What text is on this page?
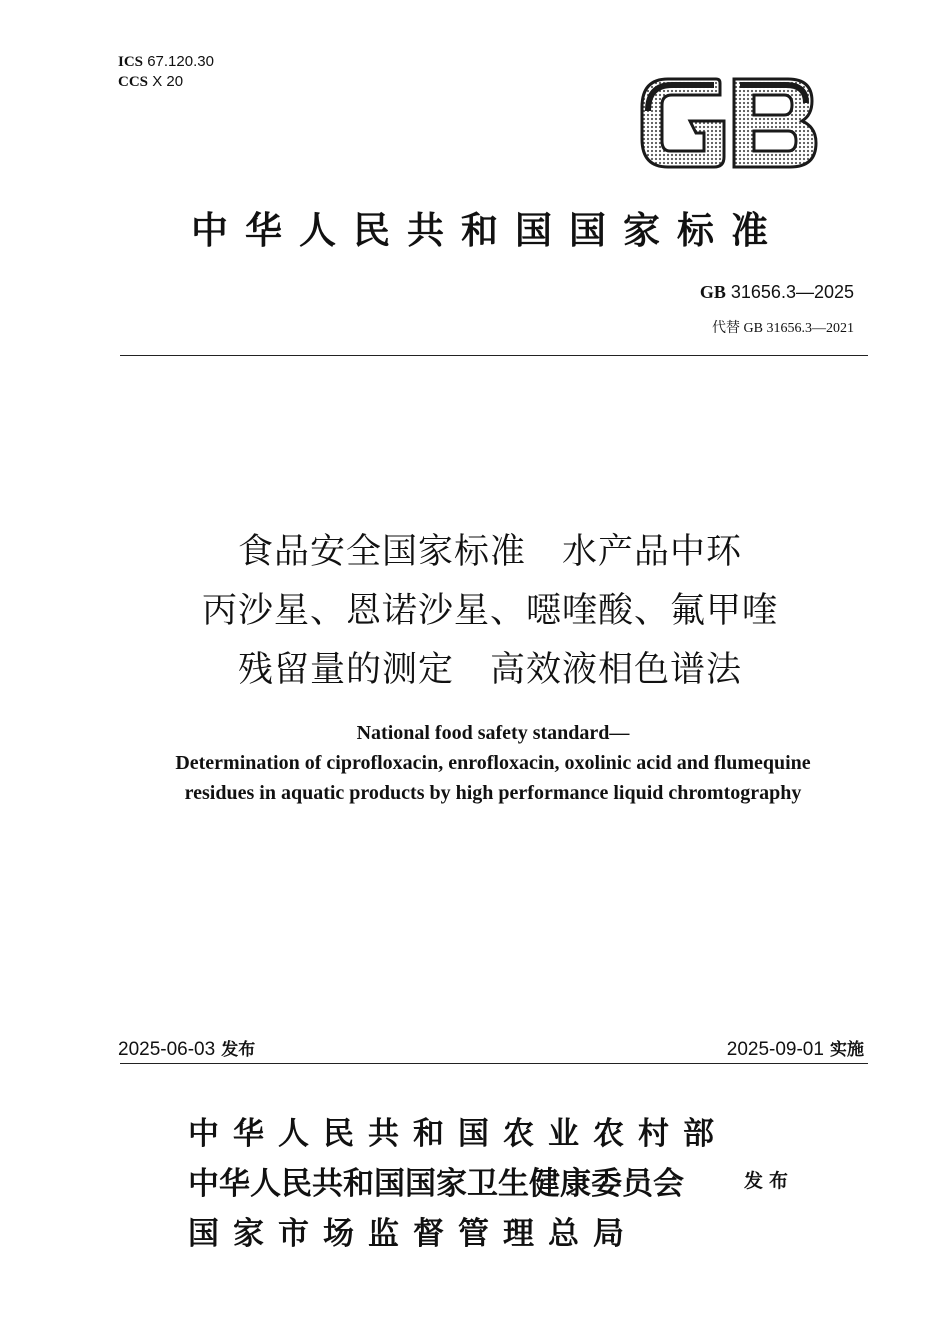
ICS 67.120.30
CCS X 20
中华人民共和国国家标准
GB 31656.3—2025
代替 GB 31656.3—2021
食品安全国家标准　水产品中环
丙沙星、恩诺沙星、噁喹酸、氟甲喹
残留量的测定　高效液相色谱法
National food safety standard—
Determination of ciprofloxacin, enrofloxacin, oxolinic acid and flumequine
residues in aquatic products by high performance liquid chromtography
2025-06-03 发布	2025-09-01 实施
中华人民共和国农业农村部
中华人民共和国国家卫生健康委员会
国家市场监督管理总局
发布
